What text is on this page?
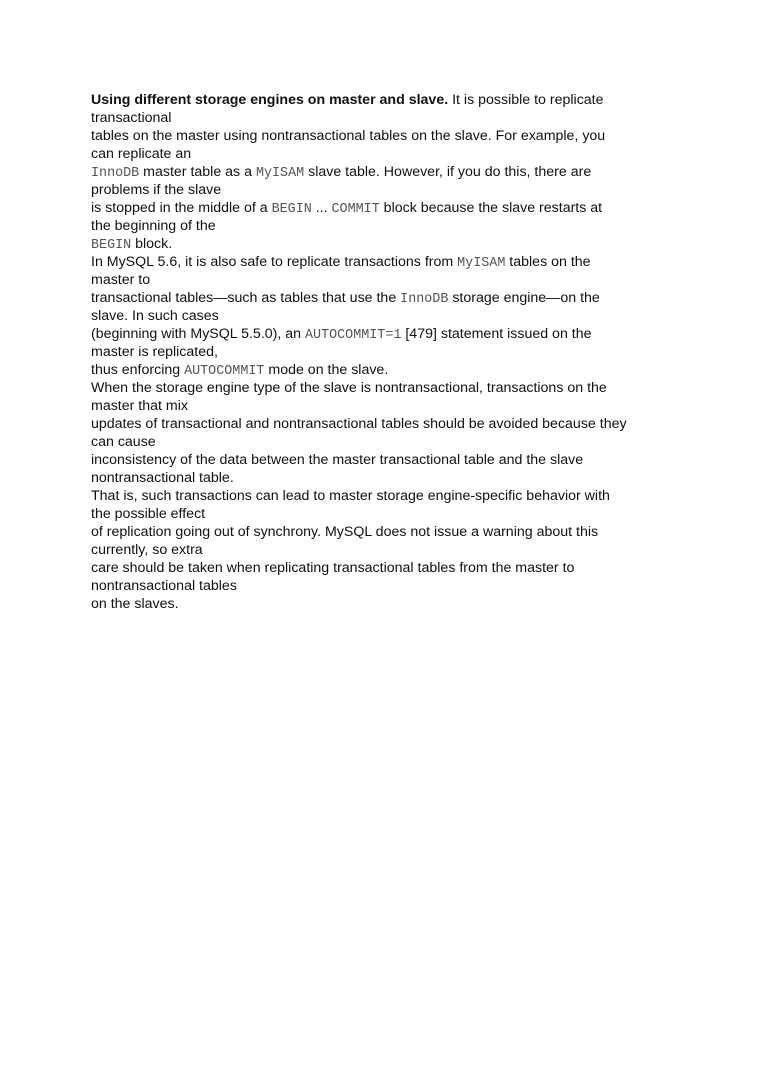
Using different storage engines on master and slave. It is possible to replicate
transactional
tables on the master using nontransactional tables on the slave. For example, you
can replicate an
InnoDB master table as a MyISAM slave table. However, if you do this, there are
problems if the slave
is stopped in the middle of a BEGIN ... COMMIT block because the slave restarts at
the beginning of the
BEGIN block.
In MySQL 5.6, it is also safe to replicate transactions from MyISAM tables on the
master to
transactional tables—such as tables that use the InnoDB storage engine—on the
slave. In such cases
(beginning with MySQL 5.5.0), an AUTOCOMMIT=1 [479] statement issued on the
master is replicated,
thus enforcing AUTOCOMMIT mode on the slave.
When the storage engine type of the slave is nontransactional, transactions on the
master that mix
updates of transactional and nontransactional tables should be avoided because they
can cause
inconsistency of the data between the master transactional table and the slave
nontransactional table.
That is, such transactions can lead to master storage engine-specific behavior with
the possible effect
of replication going out of synchrony. MySQL does not issue a warning about this
currently, so extra
care should be taken when replicating transactional tables from the master to
nontransactional tables
on the slaves.
